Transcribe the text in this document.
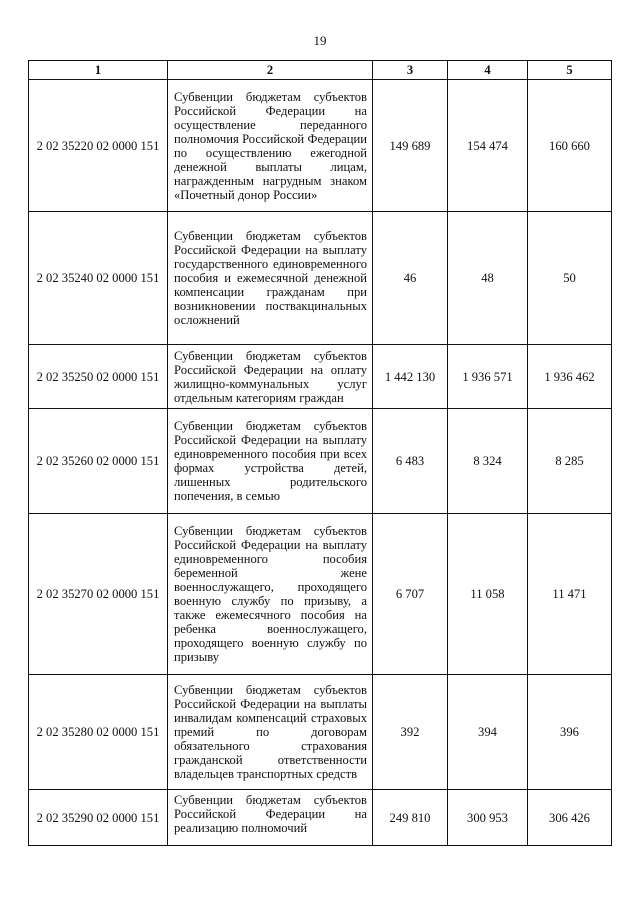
19
1	2	3	4	5
2 02 35220 02 0000 151	Субвенции бюджетам субъектов Российской Федерации на осуществление переданного полномочия Российской Федерации по осуществлению ежегодной денежной выплаты лицам, награжденным нагрудным знаком «Почетный донор России»	149 689	154 474	160 660
2 02 35240 02 0000 151	Субвенции бюджетам субъектов Российской Федерации на выплату государственного единовременного пособия и ежемесячной денежной компенсации гражданам при возникновении поствакцинальных осложнений	46	48	50
2 02 35250 02 0000 151	Субвенции бюджетам субъектов Российской Федерации на оплату жилищно-коммунальных услуг отдельным категориям граждан	1 442 130	1 936 571	1 936 462
2 02 35260 02 0000 151	Субвенции бюджетам субъектов Российской Федерации на выплату единовременного пособия при всех формах устройства детей, лишенных родительского попечения, в семью	6 483	8 324	8 285
2 02 35270 02 0000 151	Субвенции бюджетам субъектов Российской Федерации на выплату единовременного пособия беременной жене военнослужащего, проходящего военную службу по призыву, а также ежемесячного пособия на ребенка военнослужащего, проходящего военную службу по призыву	6 707	11 058	11 471
2 02 35280 02 0000 151	Субвенции бюджетам субъектов Российской Федерации на выплаты инвалидам компенсаций страховых премий по договорам обязательного страхования гражданской ответственности владельцев транспортных средств	392	394	396
2 02 35290 02 0000 151	Субвенции бюджетам субъектов Российской Федерации на реализацию полномочий	249 810	300 953	306 426
